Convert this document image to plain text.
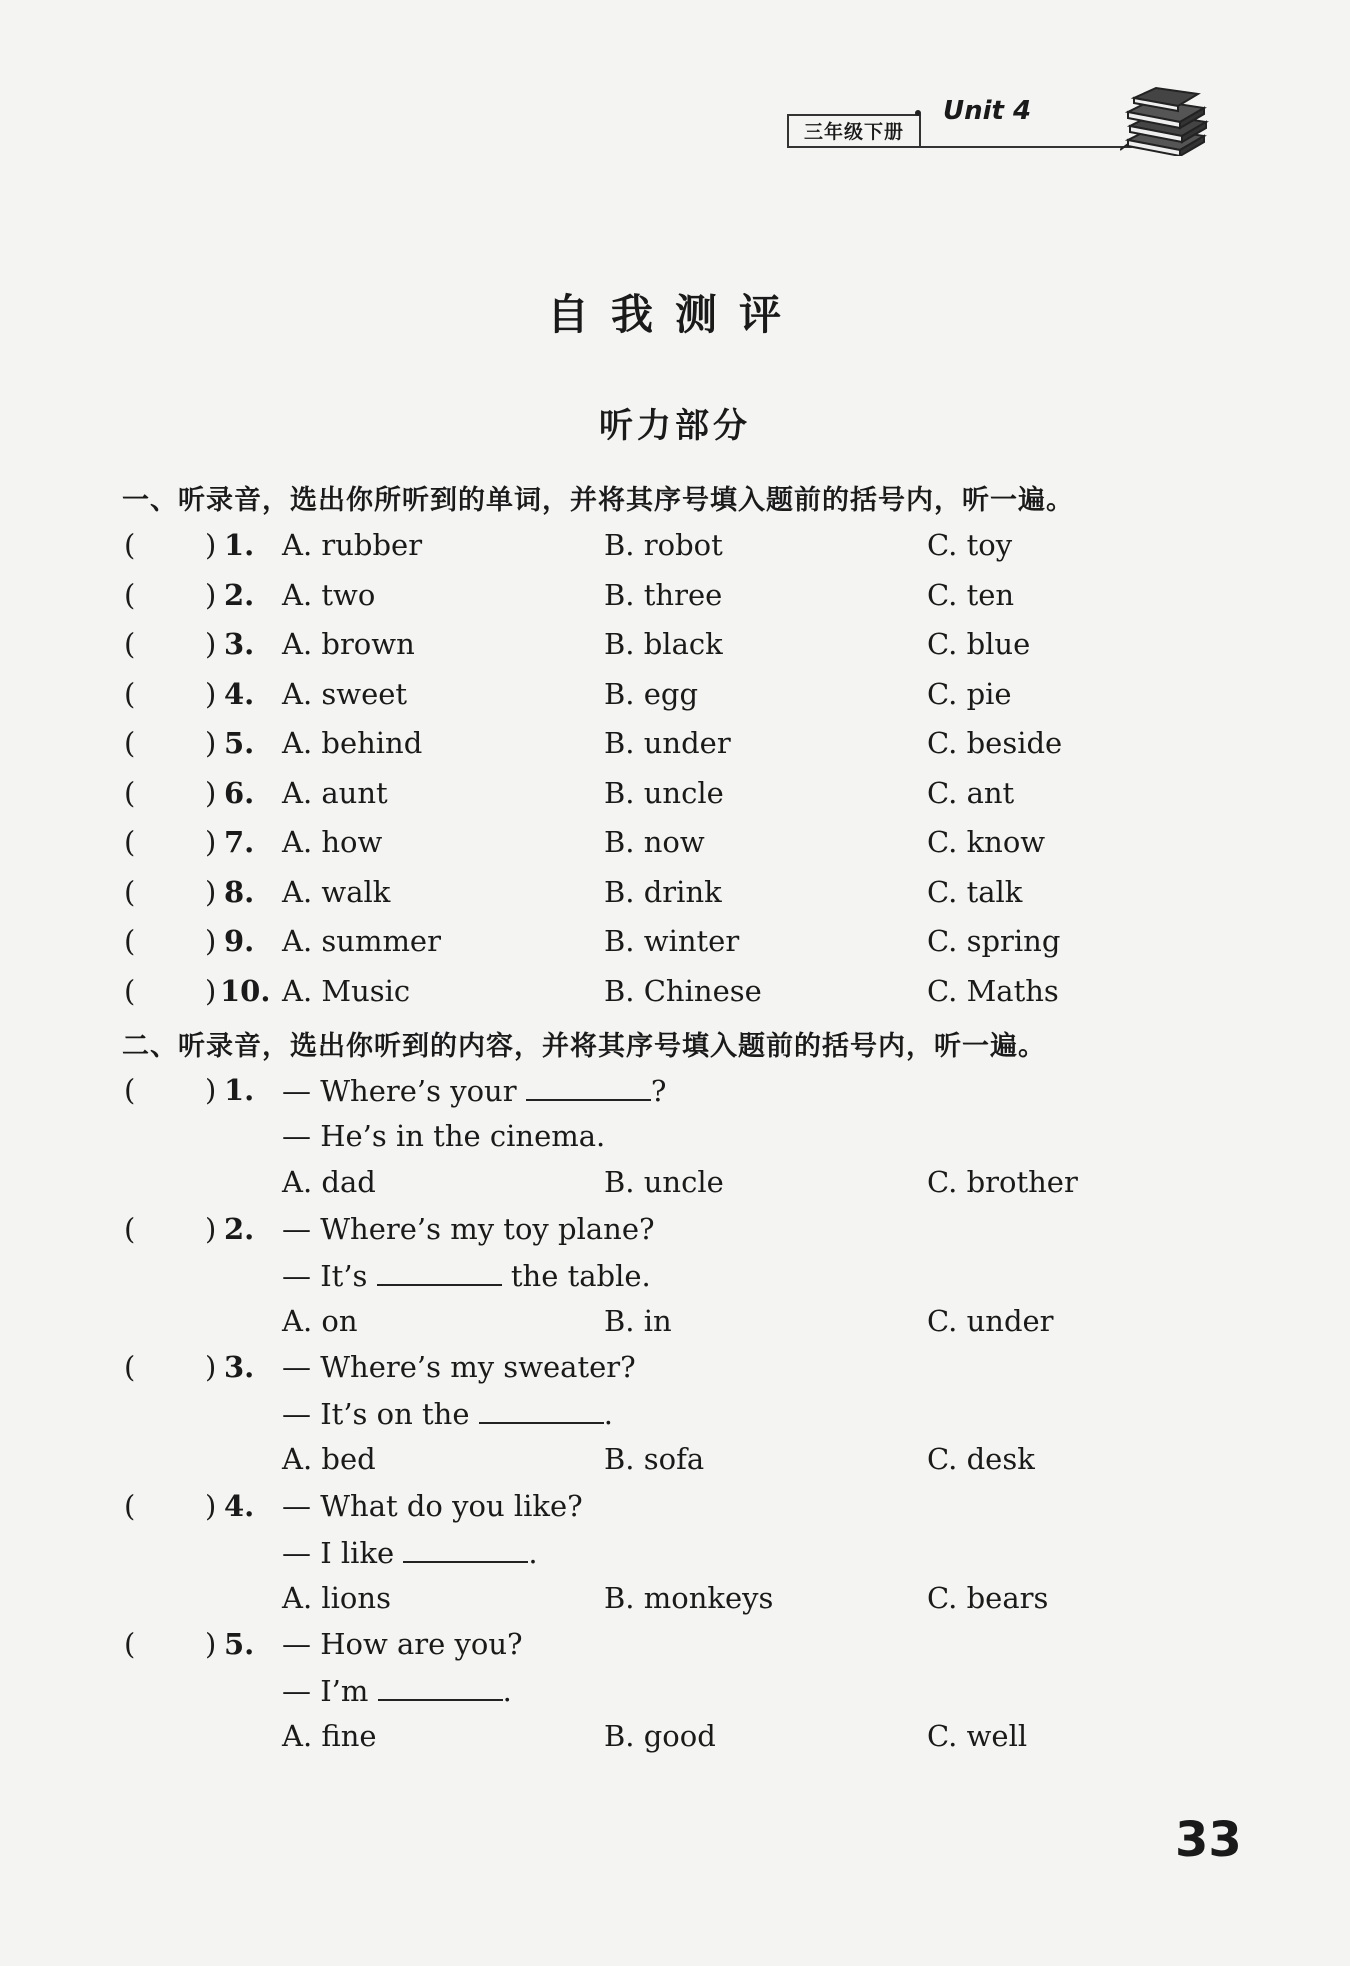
三年级下册
Unit 4
自我测评
听力部分
一、听录音，选出你所听到的单词，并将其序号填入题前的括号内，听一遍。
( ) 1. A. rubber	B. robot	C. toy
( ) 2. A. two	B. three	C. ten
( ) 3. A. brown	B. black	C. blue
( ) 4. A. sweet	B. egg	C. pie
( ) 5. A. behind	B. under	C. beside
( ) 6. A. aunt	B. uncle	C. ant
( ) 7. A. how	B. now	C. know
( ) 8. A. walk	B. drink	C. talk
( ) 9. A. summer	B. winter	C. spring
( ) 10. A. Music	B. Chinese	C. Maths
二、听录音，选出你听到的内容，并将其序号填入题前的括号内，听一遍。
( ) 1. — Where’s your	?
— He’s in the cinema.
A. dad	B. uncle	C. brother
( ) 2. — Where’s my toy plane?
— It’s	the table.
A. on	B. in	C. under
( ) 3. — Where’s my sweater?
— It’s on the	.
A. bed	B. sofa	C. desk
( ) 4. — What do you like?
— I like	.
A. lions	B. monkeys	C. bears
( ) 5. — How are you?
— I’m	.
A. fine	B. good	C. well
33
